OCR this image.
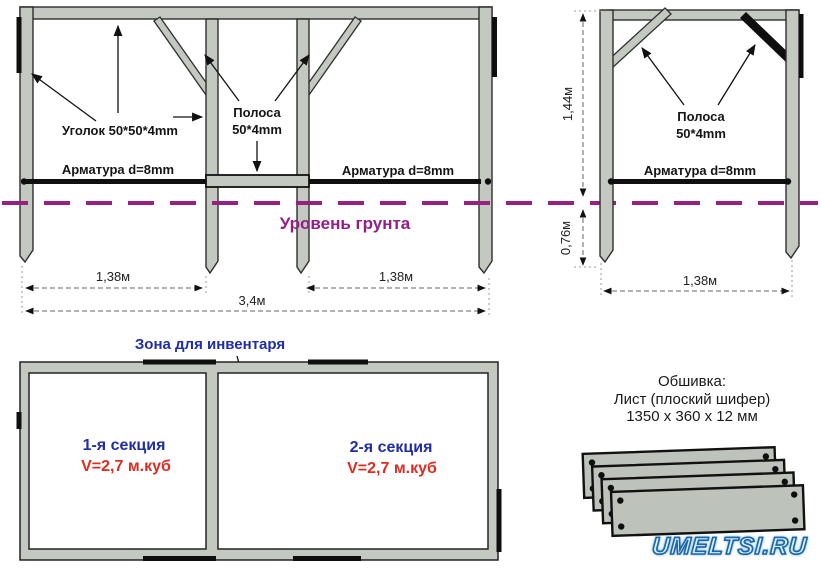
Уголок 50*50*4mm
Полоса
50*4mm
Арматура d=8mm	Арматура d=8mm
1,38м	1,38м
3,4м
Уровень грунта
Полоса
50*4mm
Арматура d=8mm
1,44м
0,76м
1,38м
Зона для инвентаря
1-я секция
V=2,7 м.куб
2-я секция
V=2,7 м.куб
Обшивка:
Лист (плоский шифер)
1350 x 360 x 12 мм
UMELTSI.RU
